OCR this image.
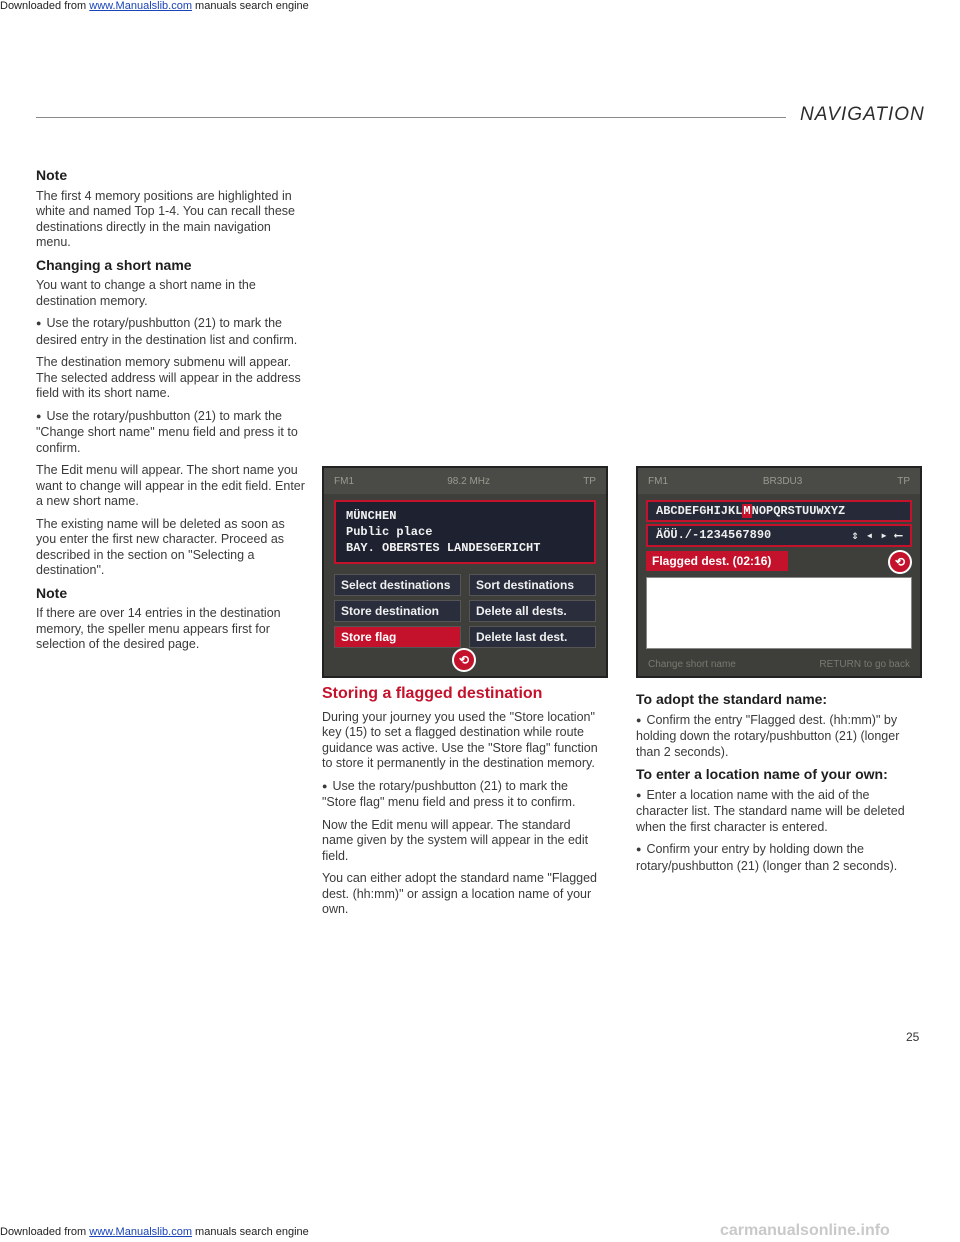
Downloaded from www.Manualslib.com manuals search engine
NAVIGATION
Note

The first 4 memory positions are highlighted in white and named Top 1-4. You can recall these destinations directly in the main navigation menu.

Changing a short name

You want to change a short name in the destination memory.

● Use the rotary/pushbutton (21) to mark the desired entry in the destination list and confirm.

The destination memory submenu will appear. The selected address will appear in the address field with its short name.

● Use the rotary/pushbutton (21) to mark the "Change short name" menu field and press it to confirm.

The Edit menu will appear. The short name you want to change will appear in the edit field. Enter a new short name.

The existing name will be deleted as soon as you enter the first new character. Proceed as described in the section on "Selecting a destination".

Note

If there are over 14 entries in the destination memory, the speller menu appears first for selection of the desired page.

FM1	98.2 MHz	TP
MÜNCHEN
Public place
BAY. OBERSTES LANDESGERICHT
Select destinations	Sort destinations
Store destination	Delete all dests.
Store flag	Delete last dest.
⟲
Storing a flagged destination

During your journey you used the "Store location" key (15) to set a flagged destination while route guidance was active. Use the "Store flag" function to store it permanently in the destination memory.

● Use the rotary/pushbutton (21) to mark the "Store flag" menu field and press it to confirm.

Now the Edit menu will appear. The standard name given by the system will appear in the edit field.

You can either adopt the standard name "Flagged dest. (hh:mm)" or assign a location name of your own.

FM1	BR3DU3	TP
ABCDEFGHIJKLMNOPQRSTUUWXYZ
ÄÖÜ./-1234567890	⇕ ◂ ▸ ⟵
Flagged dest. (02:16)	⟲
Change short name	RETURN to go back
To adopt the standard name:

● Confirm the entry "Flagged dest. (hh:mm)" by holding down the rotary/pushbutton (21) (longer than 2 seconds).

To enter a location name of your own:

● Enter a location name with the aid of the character list. The standard name will be deleted when the first character is entered.

● Confirm your entry by holding down the rotary/pushbutton (21) (longer than 2 seconds).

25
Downloaded from www.Manualslib.com manuals search engine	carmanualsonline.info
